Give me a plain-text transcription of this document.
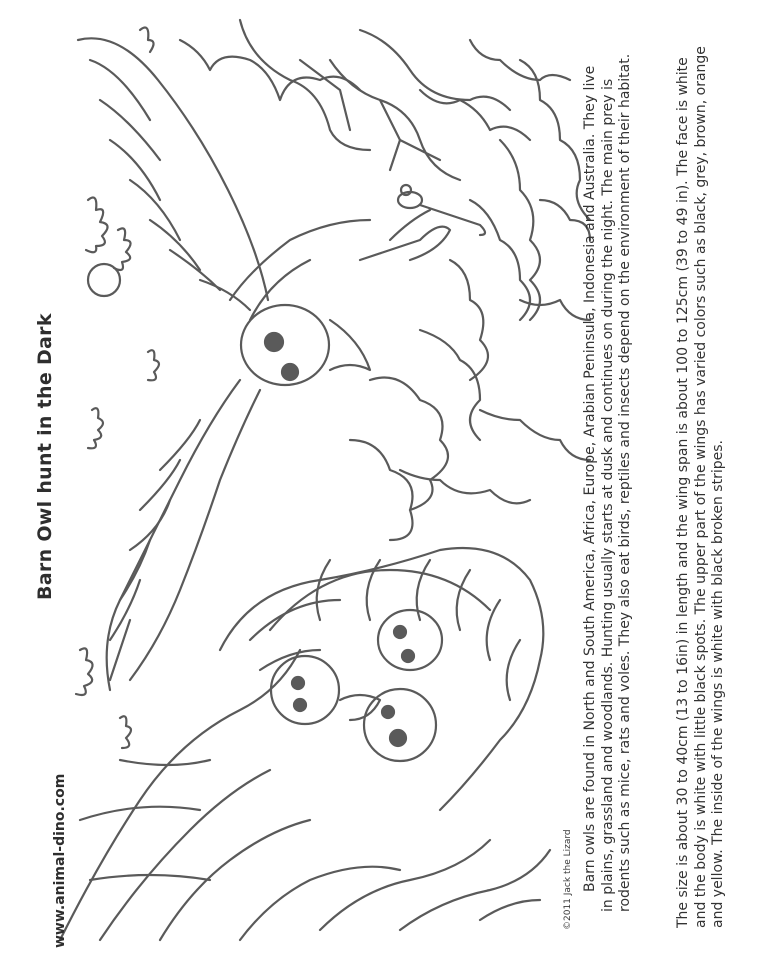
Barn Owl hunt in the Dark
www.animal-dino.com	©2011 Jack the Lizard Barn owls are found in North and South America, Africa, Europe, Arabian Peninsula, Indonesia and Australia. They live in plains, grassland and woodlands. Hunting usually starts at dusk and continues on during the night. The main prey is rodents such as mice, rats and voles. They also eat birds, reptiles and insects depend on the environment of their habitat.	The size is about 30 to 40cm (13 to 16in) in length and the wing span is about 100 to 125cm (39 to 49 in). The face is white and the body is white with little black spots. The upper part of the wings has varied colors such as black, grey, brown, orange and yellow. The inside of the wings is white with black broken stripes.
